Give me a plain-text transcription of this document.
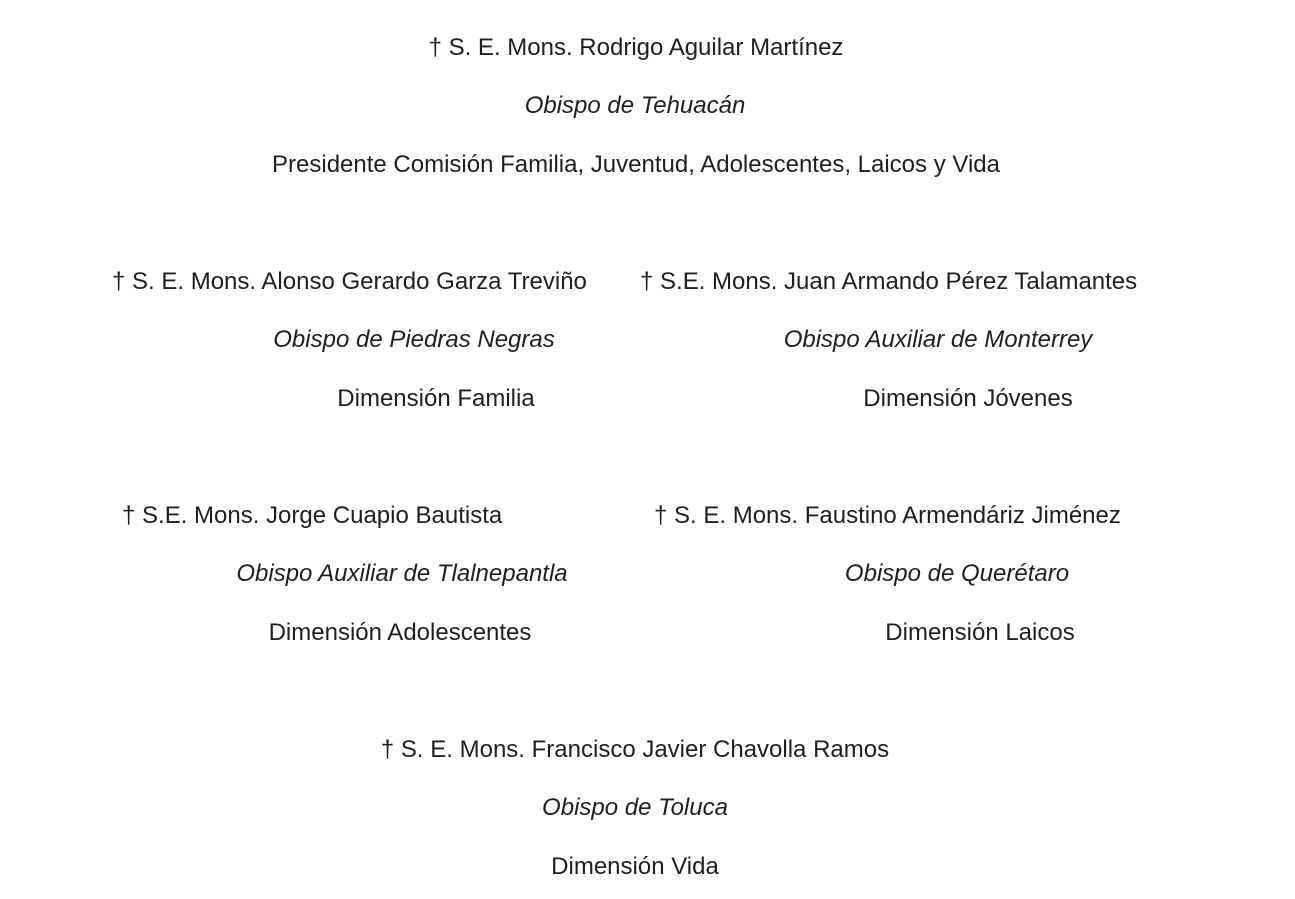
† S. E. Mons. Rodrigo Aguilar Martínez
Obispo de Tehuacán
Presidente Comisión Familia, Juventud, Adolescentes, Laicos y Vida
† S. E. Mons. Alonso Gerardo Garza Treviño
Obispo de Piedras Negras
Dimensión Familia
† S.E. Mons. Juan Armando Pérez Talamantes
Obispo Auxiliar de Monterrey
Dimensión Jóvenes
† S.E. Mons. Jorge Cuapio Bautista
Obispo Auxiliar de Tlalnepantla
Dimensión Adolescentes
† S. E. Mons. Faustino Armendáriz Jiménez
Obispo de Querétaro
Dimensión Laicos
† S. E. Mons. Francisco Javier Chavolla Ramos
Obispo de Toluca
Dimensión Vida
